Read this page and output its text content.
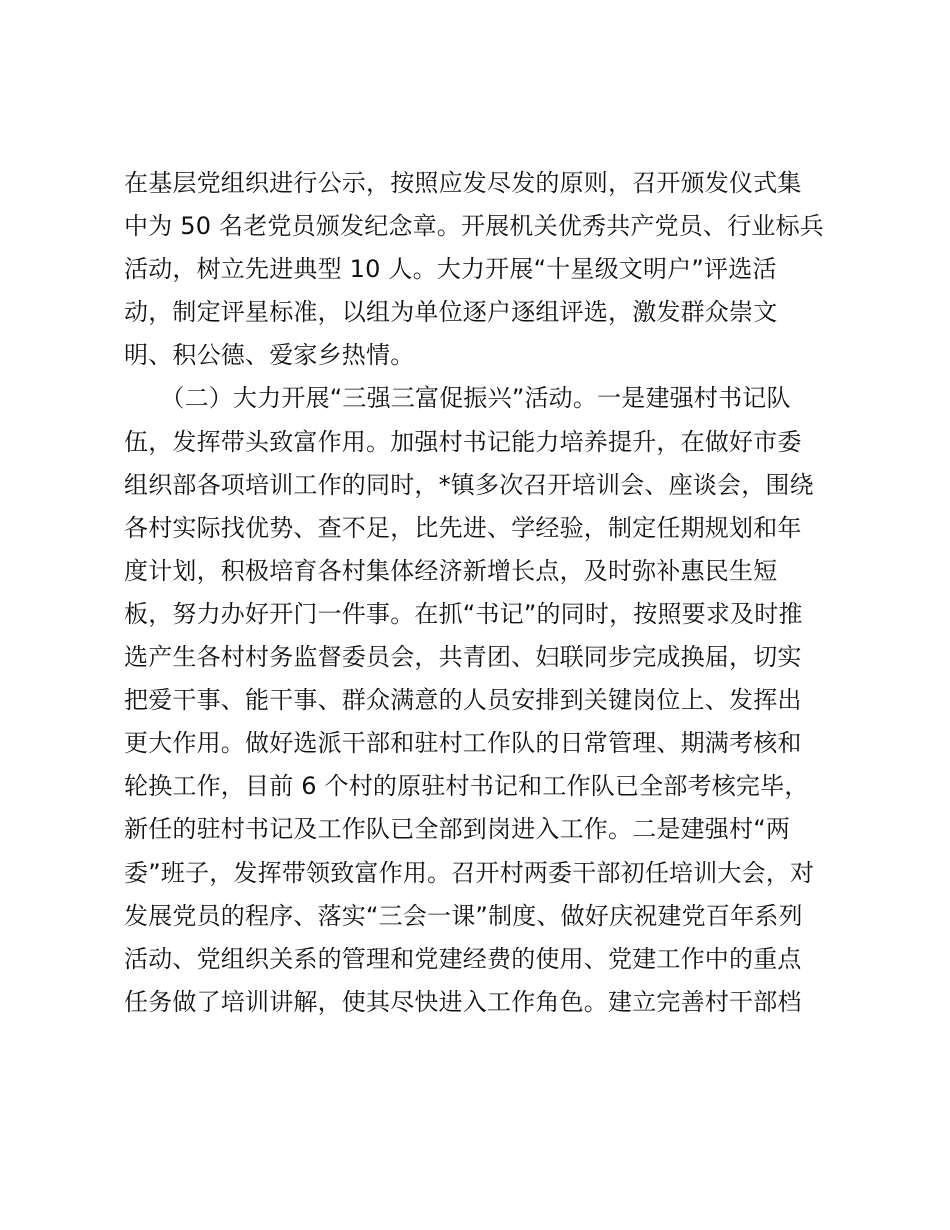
在基层党组织进行公示，按照应发尽发的原则，召开颁发仪式集
中为 50 名老党员颁发纪念章。开展机关优秀共产党员、行业标兵
活动，树立先进典型 10 人。大力开展“十星级文明户”评选活
动，制定评星标准，以组为单位逐户逐组评选，激发群众崇文
明、积公德、爱家乡热情。
　　（二）大力开展“三强三富促振兴”活动。一是建强村书记队
伍，发挥带头致富作用。加强村书记能力培养提升，在做好市委
组织部各项培训工作的同时，*镇多次召开培训会、座谈会，围绕
各村实际找优势、查不足，比先进、学经验，制定任期规划和年
度计划，积极培育各村集体经济新增长点，及时弥补惠民生短
板，努力办好开门一件事。在抓“书记”的同时，按照要求及时推
选产生各村村务监督委员会，共青团、妇联同步完成换届，切实
把爱干事、能干事、群众满意的人员安排到关键岗位上、发挥出
更大作用。做好选派干部和驻村工作队的日常管理、期满考核和
轮换工作，目前 6 个村的原驻村书记和工作队已全部考核完毕，
新任的驻村书记及工作队已全部到岗进入工作。二是建强村“两
委”班子，发挥带领致富作用。召开村两委干部初任培训大会，对
发展党员的程序、落实“三会一课”制度、做好庆祝建党百年系列
活动、党组织关系的管理和党建经费的使用、党建工作中的重点
任务做了培训讲解，使其尽快进入工作角色。建立完善村干部档
